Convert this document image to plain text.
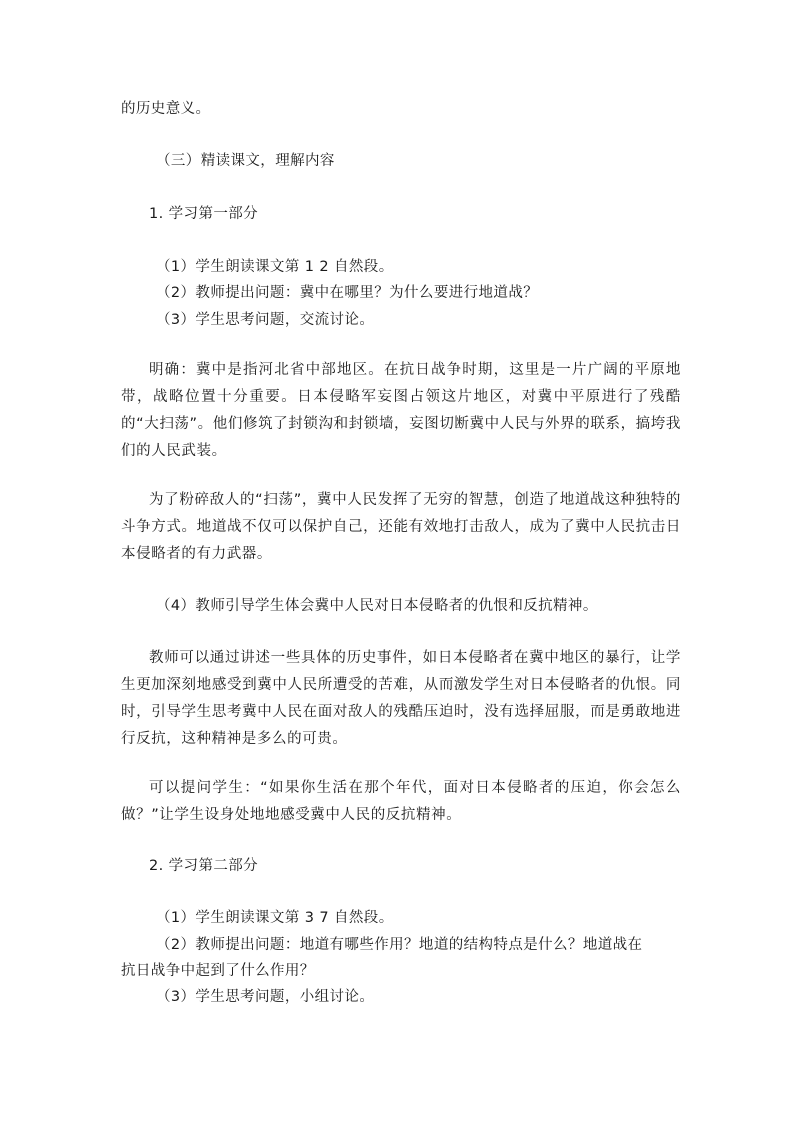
的历史意义。
（三）精读课文，理解内容
1. 学习第一部分
（1）学生朗读课文第 1 2 自然段。
（2）教师提出问题：冀中在哪里？为什么要进行地道战？
（3）学生思考问题，交流讨论。
明确：冀中是指河北省中部地区。在抗日战争时期，这里是一片广阔的平原地带，战略位置十分重要。日本侵略军妄图占领这片地区，对冀中平原进行了残酷的“大扫荡”。他们修筑了封锁沟和封锁墙，妄图切断冀中人民与外界的联系，搞垮我们的人民武装。
为了粉碎敌人的“扫荡”，冀中人民发挥了无穷的智慧，创造了地道战这种独特的斗争方式。地道战不仅可以保护自己，还能有效地打击敌人，成为了冀中人民抗击日本侵略者的有力武器。
（4）教师引导学生体会冀中人民对日本侵略者的仇恨和反抗精神。
教师可以通过讲述一些具体的历史事件，如日本侵略者在冀中地区的暴行，让学生更加深刻地感受到冀中人民所遭受的苦难，从而激发学生对日本侵略者的仇恨。同时，引导学生思考冀中人民在面对敌人的残酷压迫时，没有选择屈服，而是勇敢地进行反抗，这种精神是多么的可贵。
可以提问学生：“如果你生活在那个年代，面对日本侵略者的压迫，你会怎么做？”让学生设身处地地感受冀中人民的反抗精神。
2. 学习第二部分
（1）学生朗读课文第 3 7 自然段。
（2）教师提出问题：地道有哪些作用？地道的结构特点是什么？地道战在
抗日战争中起到了什么作用？
（3）学生思考问题，小组讨论。
